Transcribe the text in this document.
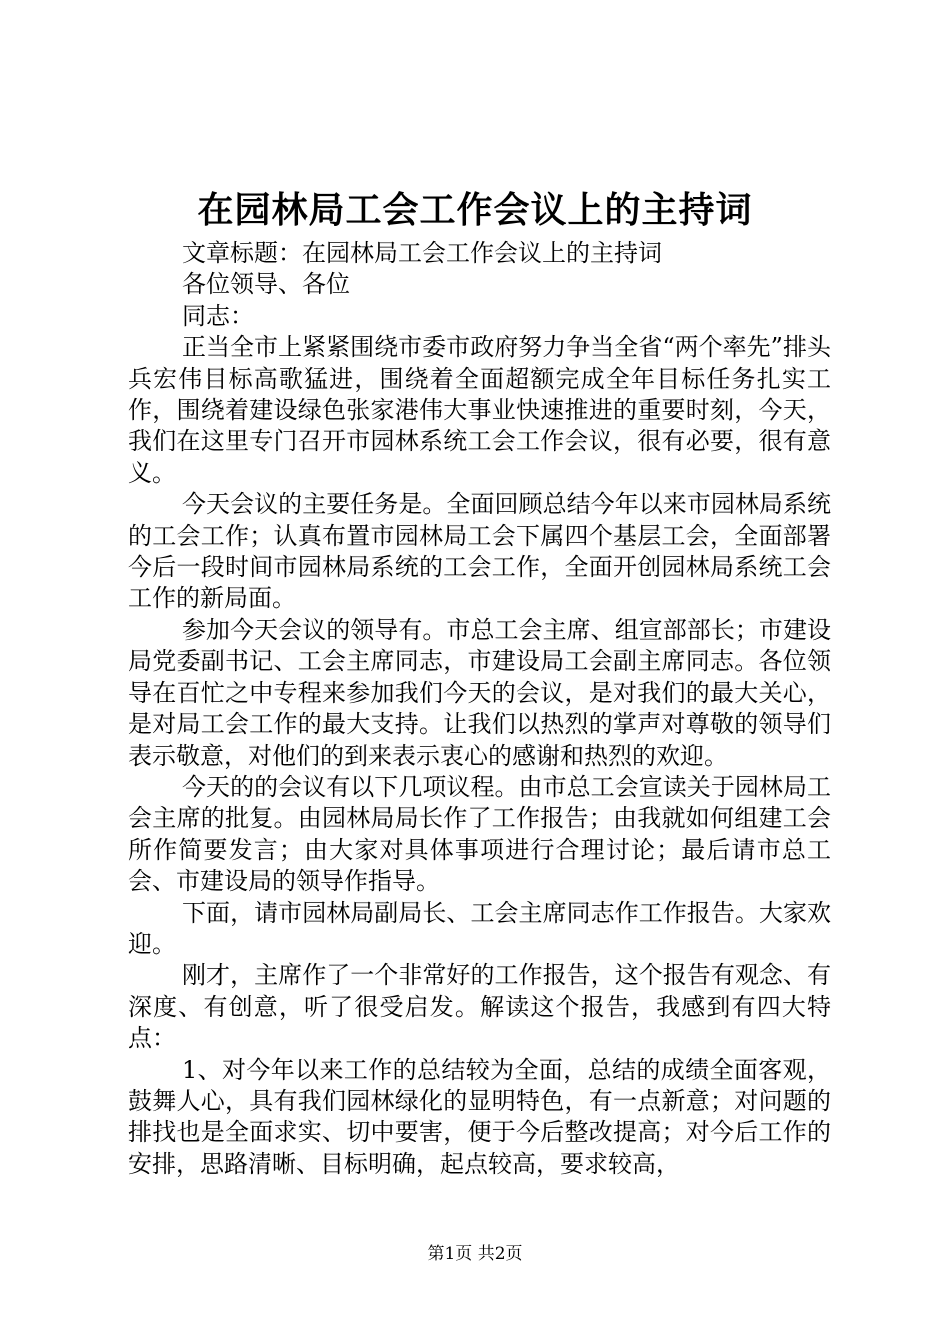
在园林局工会工作会议上的主持词

文章标题：在园林局工会工作会议上的主持词

各位领导、各位

同志：

正当全市上紧紧围绕市委市政府努力争当全省“两个率先”排头兵宏伟目标高歌猛进，围绕着全面超额完成全年目标任务扎实工作，围绕着建设绿色张家港伟大事业快速推进的重要时刻，今天，我们在这里专门召开市园林系统工会工作会议，很有必要，很有意义。

今天会议的主要任务是。全面回顾总结今年以来市园林局系统的工会工作；认真布置市园林局工会下属四个基层工会，全面部署今后一段时间市园林局系统的工会工作，全面开创园林局系统工会工作的新局面。

参加今天会议的领导有。市总工会主席、组宣部部长；市建设局党委副书记、工会主席同志，市建设局工会副主席同志。各位领导在百忙之中专程来参加我们今天的会议，是对我们的最大关心，是对局工会工作的最大支持。让我们以热烈的掌声对尊敬的领导们表示敬意，对他们的到来表示衷心的感谢和热烈的欢迎。

今天的的会议有以下几项议程。由市总工会宣读关于园林局工会主席的批复。由园林局局长作了工作报告；由我就如何组建工会所作简要发言；由大家对具体事项进行合理讨论；最后请市总工会、市建设局的领导作指导。

下面，请市园林局副局长、工会主席同志作工作报告。大家欢迎。

刚才，主席作了一个非常好的工作报告，这个报告有观念、有深度、有创意，听了很受启发。解读这个报告，我感到有四大特点：

1、对今年以来工作的总结较为全面，总结的成绩全面客观，鼓舞人心，具有我们园林绿化的显明特色，有一点新意；对问题的排找也是全面求实、切中要害，便于今后整改提高；对今后工作的安排，思路清晰、目标明确，起点较高，要求较高，

第1页 共2页
